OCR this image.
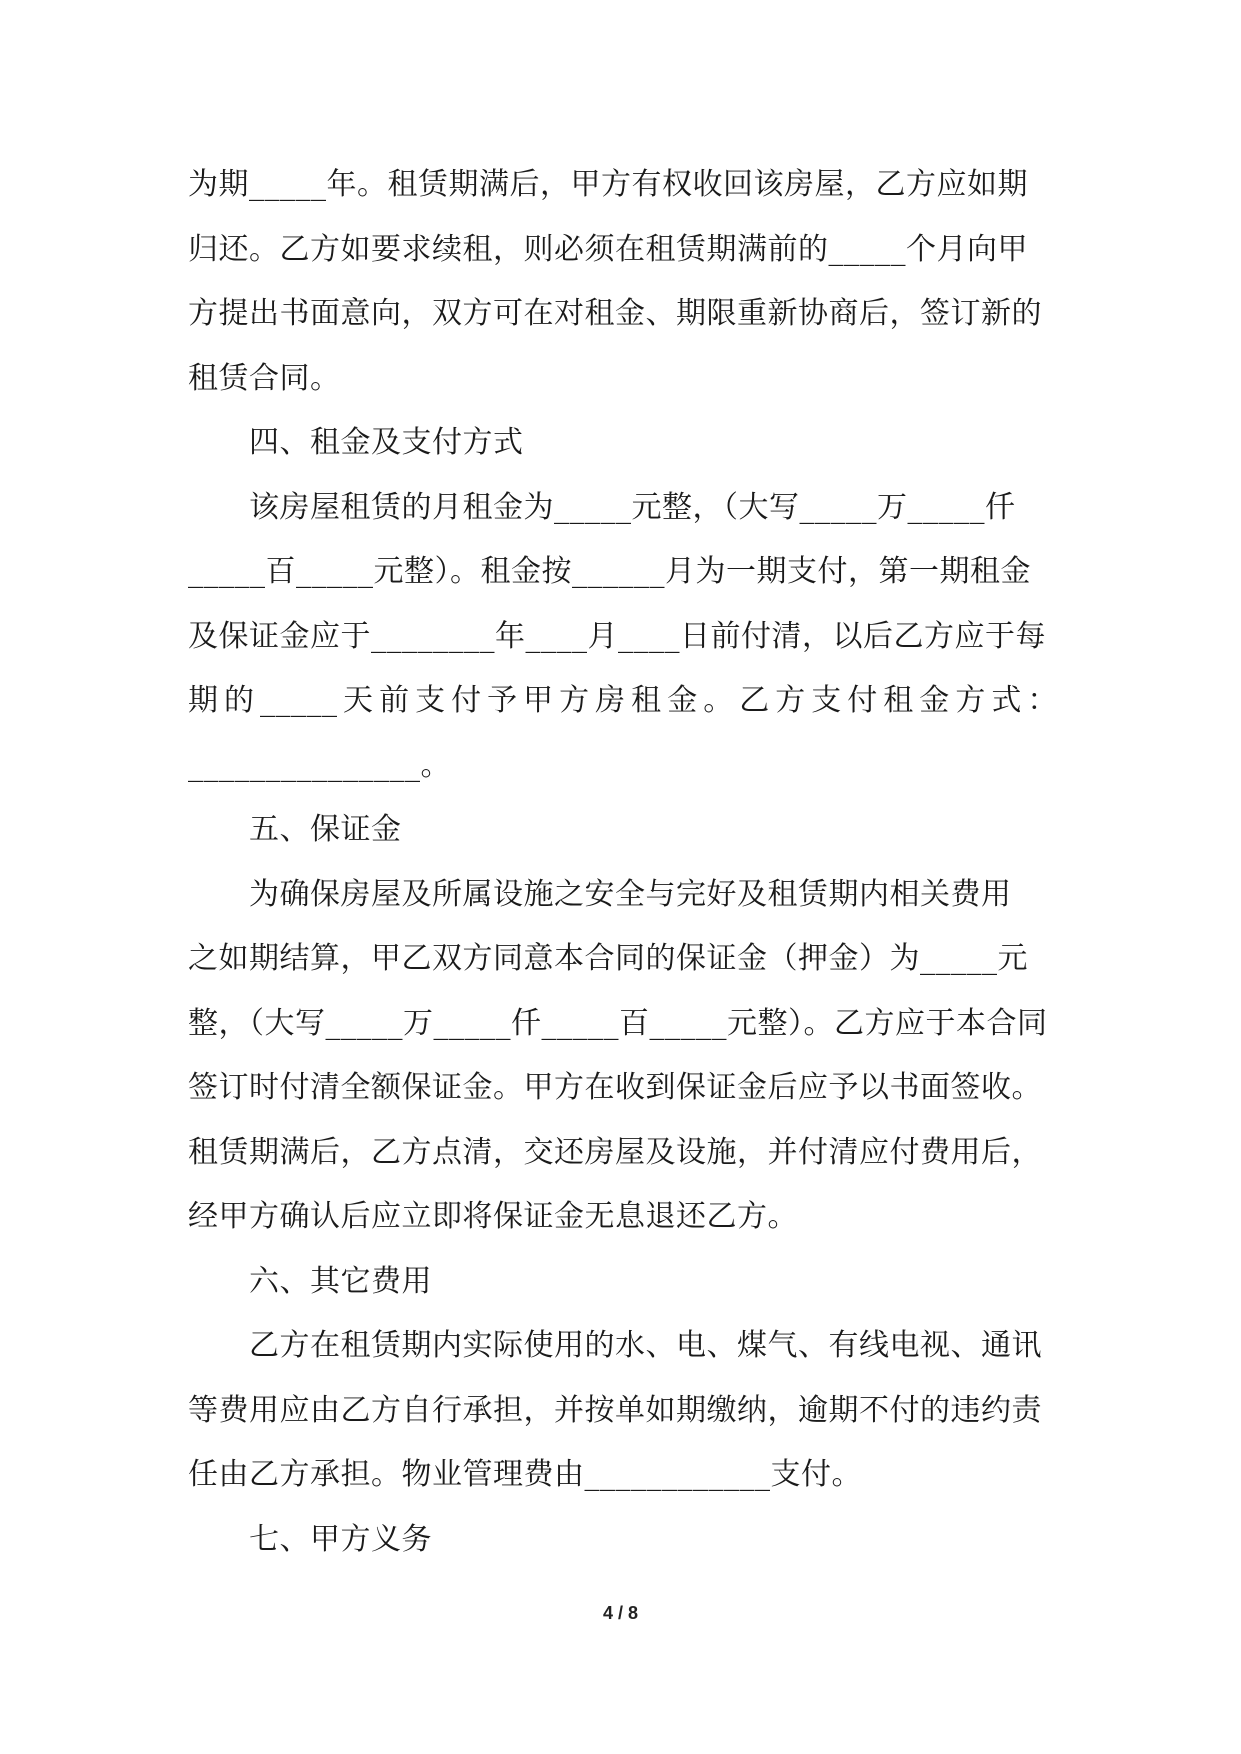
为期_____年。租赁期满后，甲方有权收回该房屋，乙方应如期
归还。乙方如要求续租，则必须在租赁期满前的_____个月向甲
方提出书面意向，双方可在对租金、期限重新协商后，签订新的
租赁合同。
四、租金及支付方式
该房屋租赁的月租金为_____元整，（大写_____万_____仟
_____百_____元整）。租金按______月为一期支付，第一期租金
及保证金应于________年____月____日前付清，以后乙方应于每
期 的 _____ 天 前 支 付 予 甲 方 房 租 金 。 乙 方 支 付 租 金 方 式 ：
_______________。
五、保证金
为确保房屋及所属设施之安全与完好及租赁期内相关费用
之如期结算，甲乙双方同意本合同的保证金（押金）为_____元
整，（大写_____万_____仟_____百_____元整）。乙方应于本合同
签订时付清全额保证金。甲方在收到保证金后应予以书面签收。
租赁期满后，乙方点清，交还房屋及设施，并付清应付费用后，
经甲方确认后应立即将保证金无息退还乙方。
六、其它费用
乙方在租赁期内实际使用的水、电、煤气、有线电视、通讯
等费用应由乙方自行承担，并按单如期缴纳，逾期不付的违约责
任由乙方承担。物业管理费由____________支付。
七、甲方义务
4 / 8
